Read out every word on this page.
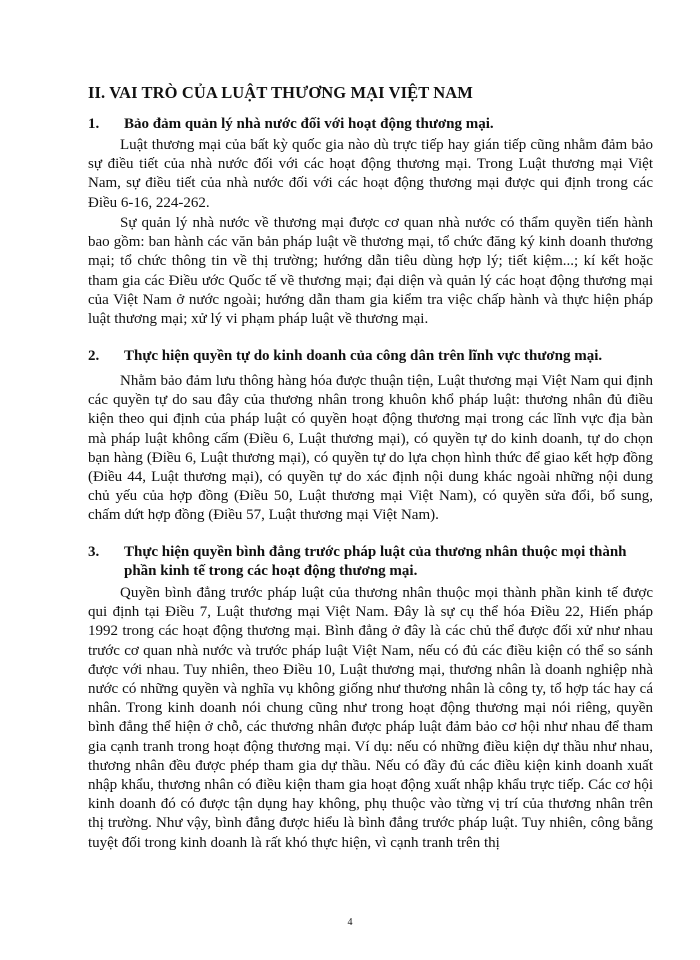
II. VAI TRÒ CỦA LUẬT THƯƠNG MẠI VIỆT NAM
1. Bảo đảm quản lý nhà nước đối với hoạt động thương mại.

Luật thương mại của bất kỳ quốc gia nào dù trực tiếp hay gián tiếp cũng nhằm đảm bảo sự điều tiết của nhà nước đối với các hoạt động thương mại. Trong Luật thương mại Việt Nam, sự điều tiết của nhà nước đối với các hoạt động thương mại được qui định trong các Điều 6-16, 224-262.

Sự quản lý nhà nước về thương mại được cơ quan nhà nước có thẩm quyền tiến hành bao gồm: ban hành các văn bản pháp luật về thương mại, tổ chức đăng ký kinh doanh thương mại; tổ chức thông tin về thị trường; hướng dẫn tiêu dùng hợp lý; tiết kiệm...; kí kết hoặc tham gia các Điều ước Quốc tế về thương mại; đại diện và quản lý các hoạt động thương mại của Việt Nam ở nước ngoài; hướng dẫn tham gia kiểm tra việc chấp hành và thực hiện pháp luật thương mại; xử lý vi phạm pháp luật về thương mại.

2. Thực hiện quyền tự do kinh doanh của công dân trên lĩnh vực thương mại.

Nhằm bảo đảm lưu thông hàng hóa được thuận tiện, Luật thương mại Việt Nam qui định các quyền tự do sau đây của thương nhân trong khuôn khổ pháp luật: thương nhân đủ điều kiện theo qui định của pháp luật có quyền hoạt động thương mại trong các lĩnh vực địa bàn mà pháp luật không cấm (Điều 6, Luật thương mại), có quyền tự do kinh doanh, tự do chọn bạn hàng (Điều 6, Luật thương mại), có quyền tự do lựa chọn hình thức để giao kết hợp đồng (Điều 44, Luật thương mại), có quyền tự do xác định nội dung khác ngoài những nội dung chủ yếu của hợp đồng (Điều 50, Luật thương mại Việt Nam), có quyền sửa đổi, bổ sung, chấm dứt hợp đồng (Điều 57, Luật thương mại Việt Nam).

3. Thực hiện quyền bình đẳng trước pháp luật của thương nhân thuộc mọi thành phần kinh tế trong các hoạt động thương mại.

Quyền bình đẳng trước pháp luật của thương nhân thuộc mọi thành phần kinh tế được qui định tại Điều 7, Luật thương mại Việt Nam. Đây là sự cụ thể hóa Điều 22, Hiến pháp 1992 trong các hoạt động thương mại. Bình đẳng ở đây là các chủ thể được đối xử như nhau trước cơ quan nhà nước và trước pháp luật Việt Nam, nếu có đủ các điều kiện có thể so sánh được với nhau. Tuy nhiên, theo Điều 10, Luật thương mại, thương nhân là doanh nghiệp nhà nước có những quyền và nghĩa vụ không giống như thương nhân là công ty, tổ hợp tác hay cá nhân. Trong kinh doanh nói chung cũng như trong hoạt động thương mại nói riêng, quyền bình đẳng thể hiện ở chỗ, các thương nhân được pháp luật đảm bảo cơ hội như nhau để tham gia cạnh tranh trong hoạt động thương mại. Ví dụ: nếu có những điều kiện dự thầu như nhau, thương nhân đều được phép tham gia dự thầu. Nếu có đầy đủ các điều kiện kinh doanh xuất nhập khẩu, thương nhân có điều kiện tham gia hoạt động xuất nhập khẩu trực tiếp. Các cơ hội kinh doanh đó có được tận dụng hay không, phụ thuộc vào từng vị trí của thương nhân trên thị trường. Như vậy, bình đẳng được hiểu là bình đẳng trước pháp luật. Tuy nhiên, công bằng tuyệt đối trong kinh doanh là rất khó thực hiện, vì cạnh tranh trên thị

4
